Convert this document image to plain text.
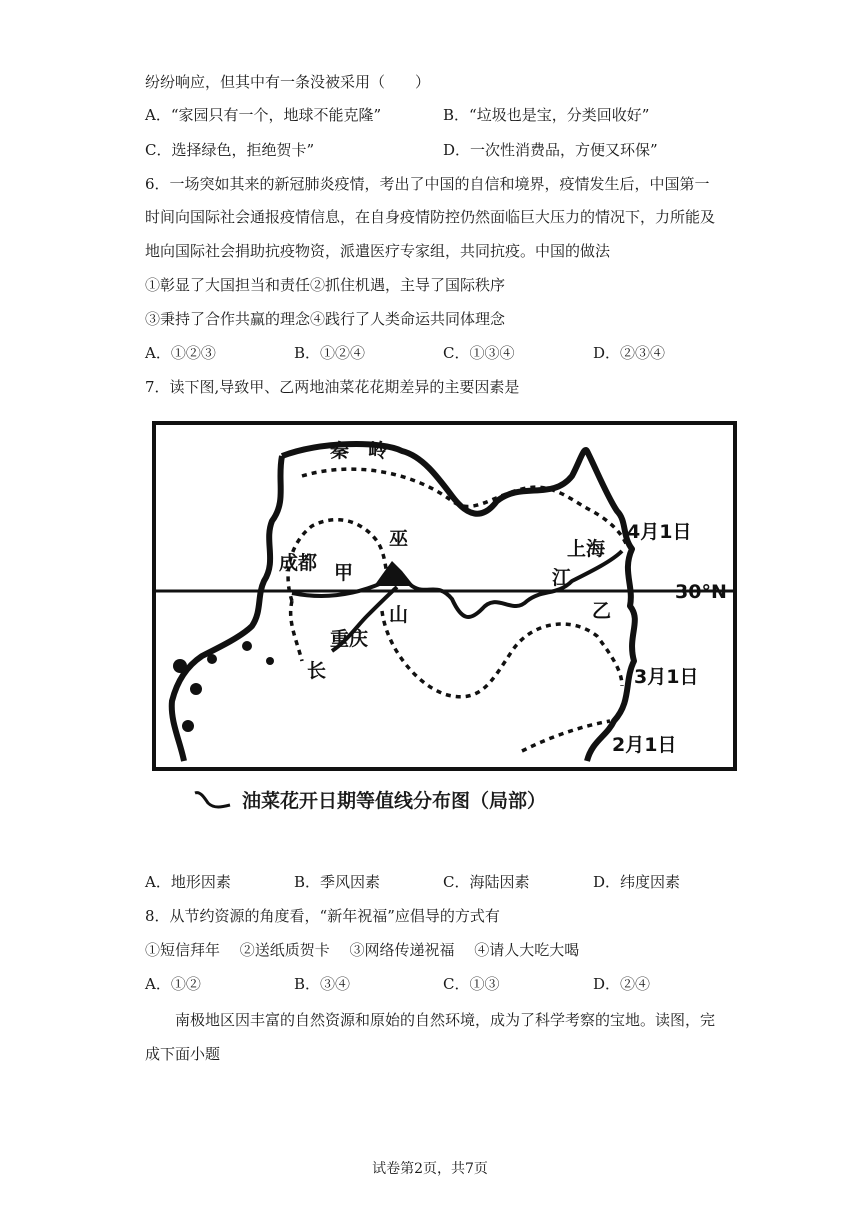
纷纷响应，但其中有一条没被采用（　　）
A．“家园只有一个，地球不能克隆”	B．“垃圾也是宝，分类回收好”
C．选择绿色，拒绝贺卡”	D．一次性消费品，方便又环保”
6．一场突如其来的新冠肺炎疫情，考出了中国的自信和境界，疫情发生后，中国第一
时间向国际社会通报疫情信息，在自身疫情防控仍然面临巨大压力的情况下，力所能及
地向国际社会捐助抗疫物资，派遣医疗专家组，共同抗疫。中国的做法
①彰显了大国担当和责任②抓住机遇，主导了国际秩序
③秉持了合作共赢的理念④践行了人类命运共同体理念
A．①②③	B．①②④	C．①③④	D．②③④
7．读下图,导致甲、乙两地油菜花花期差异的主要因素是
秦　岭
成都 甲
巫
山
重庆
长
上海
江
乙
30°N
4月1日
3月1日
2月1日
油菜花开日期等值线分布图（局部）
A．地形因素	B．季风因素	C．海陆因素	D．纬度因素
8．从节约资源的角度看，“新年祝福”应倡导的方式有
①短信拜年　 ②送纸质贺卡　 ③网络传递祝福　 ④请人大吃大喝
A．①②	B．③④	C．①③	D．②④
南极地区因丰富的自然资源和原始的自然环境，成为了科学考察的宝地。读图，完
成下面小题
试卷第2页，共7页
